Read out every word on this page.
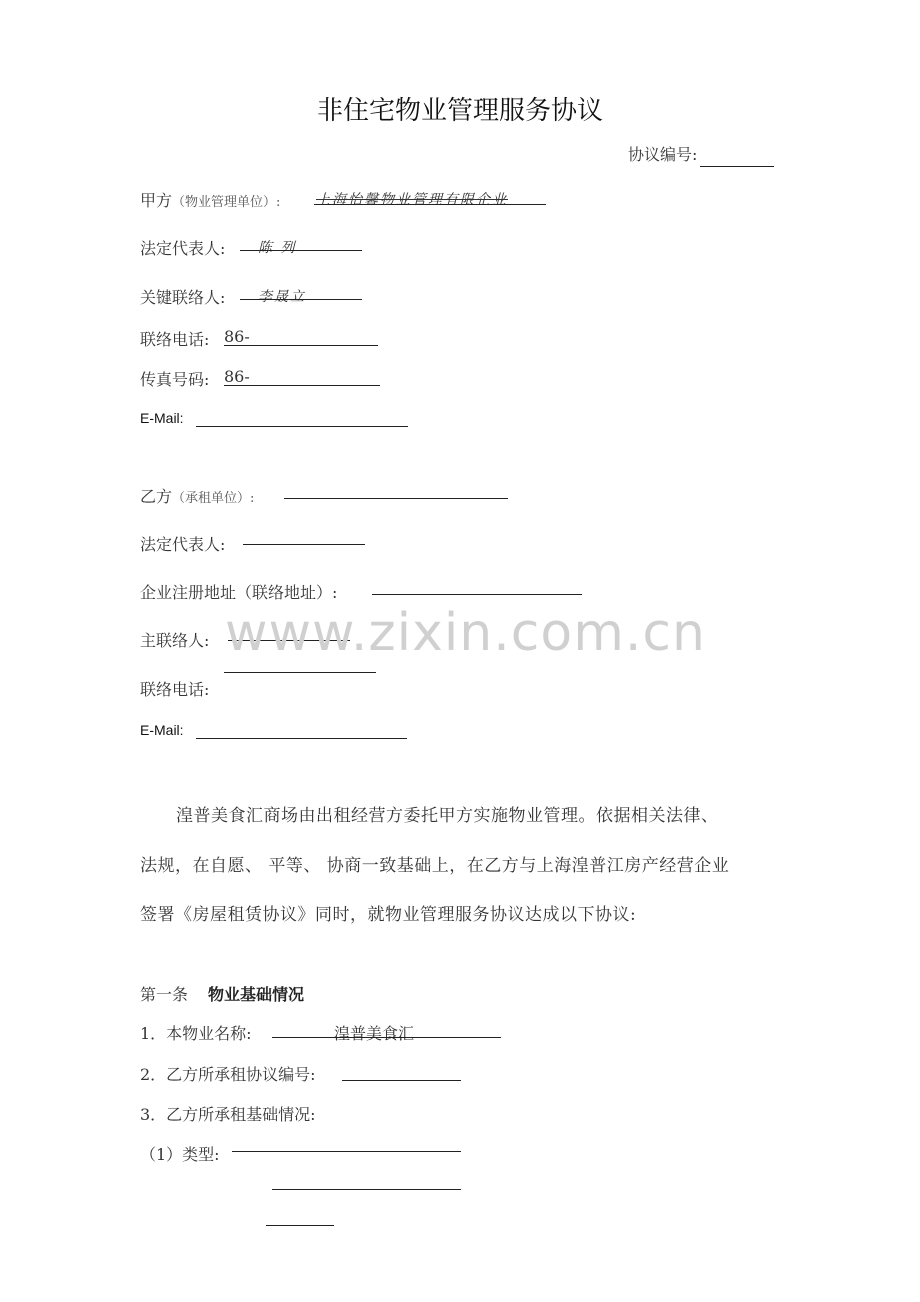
非住宅物业管理服务协议
协议编号:
甲方（物业管理单位）:	上海怡馨物业管理有限企业
法定代表人: 陈 列
关键联络人: 李晟立
联络电话: 86-
传真号码: 86-
E-Mail:
乙方（承租单位）:
法定代表人:
企业注册地址（联络地址）:
主联络人:
联络电话:
E-Mail:
www.zixin.com.cn
湟普美食汇商场由出租经营方委托甲方实施物业管理。依据相关法律、
法规，在自愿、 平等、 协商一致基础上，在乙方与上海湟普江房产经营企业
签署《房屋租赁协议》同时，就物业管理服务协议达成以下协议:
第一条 物业基础情况
1．本物业名称:	湟普美食汇
2．乙方所承租协议编号:
3．乙方所承租基础情况:
（1）类型:
